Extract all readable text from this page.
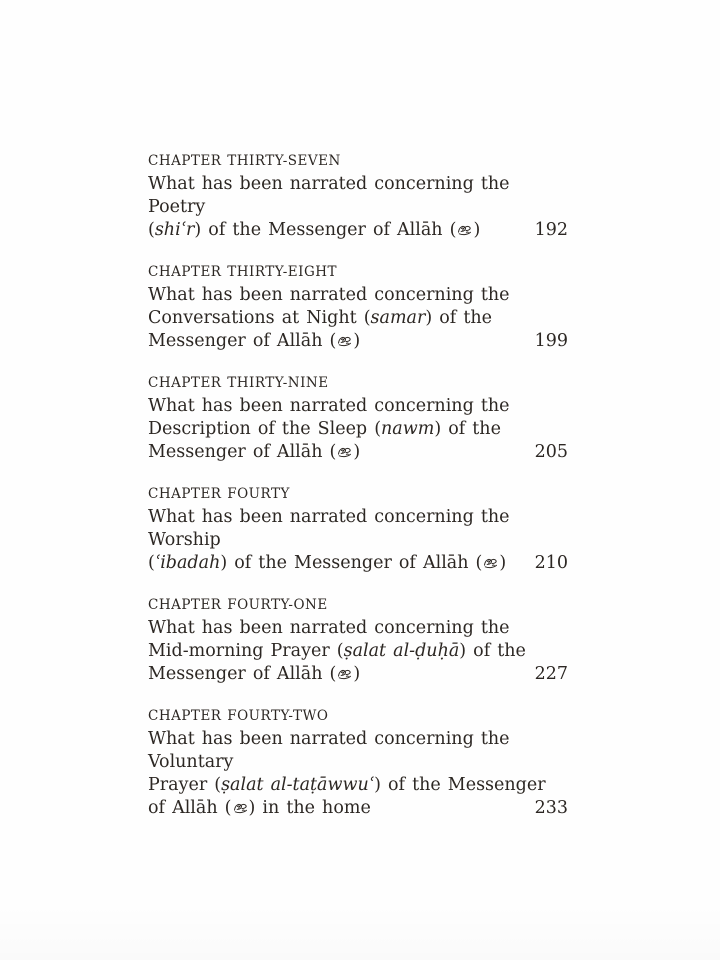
CHAPTER THIRTY-SEVEN
What has been narrated concerning the Poetry
(shiʿr) of the Messenger of Allāh ( )	192
CHAPTER THIRTY-EIGHT
What has been narrated concerning the
Conversations at Night (samar) of the
Messenger of Allāh ( )	199
CHAPTER THIRTY-NINE
What has been narrated concerning the
Description of the Sleep (nawm) of the
Messenger of Allāh ( )	205
CHAPTER FOURTY
What has been narrated concerning the Worship
(ʿibadah) of the Messenger of Allāh ( ) 210
CHAPTER FOURTY-ONE
What has been narrated concerning the
Mid-morning Prayer (ṣalat al-ḍuḥā) of the
Messenger of Allāh ( )	227
CHAPTER FOURTY-TWO
What has been narrated concerning the Voluntary
Prayer (ṣalat al-taṭāwwuʿ) of the Messenger
of Allāh ( ) in the home	233
